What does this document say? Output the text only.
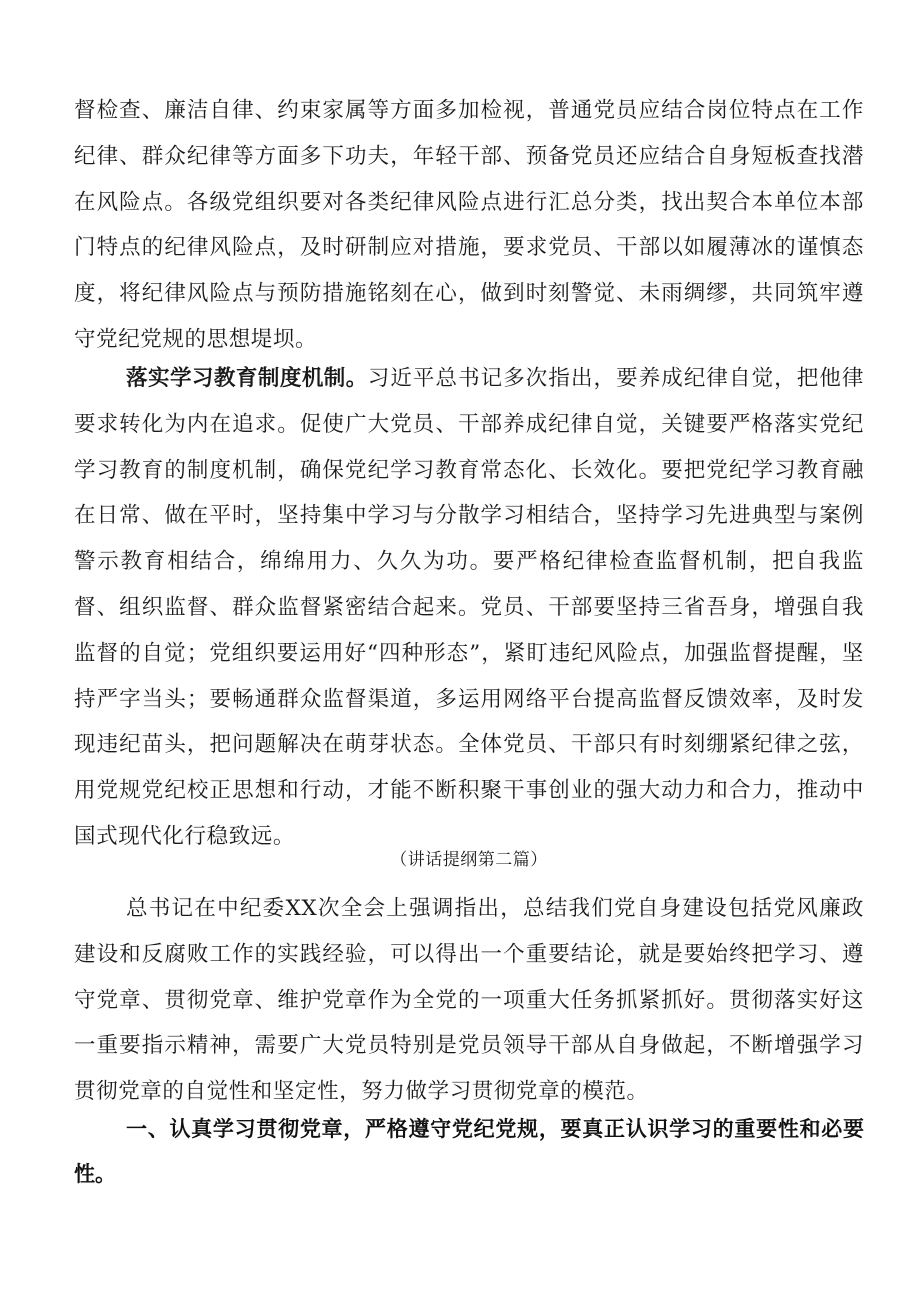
督检查、廉洁自律、约束家属等方面多加检视，普通党员应结合岗位特点在工作纪律、群众纪律等方面多下功夫，年轻干部、预备党员还应结合自身短板查找潜在风险点。各级党组织要对各类纪律风险点进行汇总分类，找出契合本单位本部门特点的纪律风险点，及时研制应对措施，要求党员、干部以如履薄冰的谨慎态度，将纪律风险点与预防措施铭刻在心，做到时刻警觉、未雨绸缪，共同筑牢遵守党纪党规的思想堤坝。

落实学习教育制度机制。习近平总书记多次指出，要养成纪律自觉，把他律要求转化为内在追求。促使广大党员、干部养成纪律自觉，关键要严格落实党纪学习教育的制度机制，确保党纪学习教育常态化、长效化。要把党纪学习教育融在日常、做在平时，坚持集中学习与分散学习相结合，坚持学习先进典型与案例警示教育相结合，绵绵用力、久久为功。要严格纪律检查监督机制，把自我监督、组织监督、群众监督紧密结合起来。党员、干部要坚持三省吾身，增强自我监督的自觉；党组织要运用好“四种形态”，紧盯违纪风险点，加强监督提醒，坚持严字当头；要畅通群众监督渠道，多运用网络平台提高监督反馈效率，及时发现违纪苗头，把问题解决在萌芽状态。全体党员、干部只有时刻绷紧纪律之弦，用党规党纪校正思想和行动，才能不断积聚干事创业的强大动力和合力，推动中国式现代化行稳致远。

（讲话提纲第二篇）

总书记在中纪委XX次全会上强调指出，总结我们党自身建设包括党风廉政建设和反腐败工作的实践经验，可以得出一个重要结论，就是要始终把学习、遵守党章、贯彻党章、维护党章作为全党的一项重大任务抓紧抓好。贯彻落实好这一重要指示精神，需要广大党员特别是党员领导干部从自身做起，不断增强学习贯彻党章的自觉性和坚定性，努力做学习贯彻党章的模范。

一、认真学习贯彻党章，严格遵守党纪党规，要真正认识学习的重要性和必要性。
